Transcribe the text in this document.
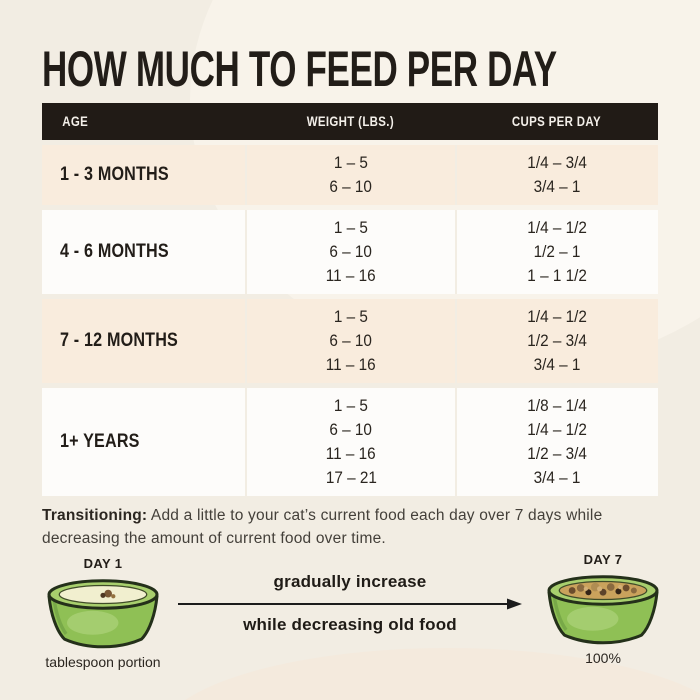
HOW MUCH TO FEED PER DAY
AGE	WEIGHT (LBS.)	CUPS PER DAY
1 - 3 MONTHS
1 – 5
6 – 10
1/4 – 3/4
3/4 – 1
4 - 6 MONTHS
1 – 5
6 – 10
11 – 16
1/4 – 1/2
1/2 – 1
1 – 1 1/2
7 - 12 MONTHS
1 – 5
6 – 10
11 – 16
1/4 – 1/2
1/2 – 3/4
3/4 – 1
1+ YEARS
1 – 5
6 – 10
11 – 16
17 – 21
1/8 – 1/4
1/4 – 1/2
1/2 – 3/4
3/4 – 1

Transitioning: Add a little to your cat’s current food each day over 7 days while decreasing the amount of current food over time.

DAY 1
tablespoon portion
gradually increase
while decreasing old food
DAY 7
100%
